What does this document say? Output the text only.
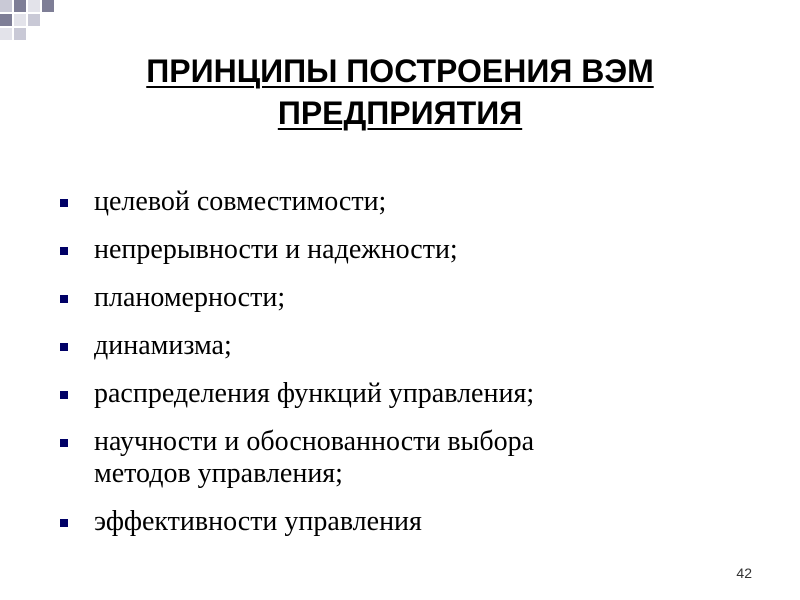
ПРИНЦИПЫ ПОСТРОЕНИЯ ВЭМ
ПРЕДПРИЯТИЯ
целевой совместимости;
непрерывности и надежности;
планомерности;
динамизма;
распределения функций управления;
научности и обоснованности выбора
методов управления;
эффективности управления
42
